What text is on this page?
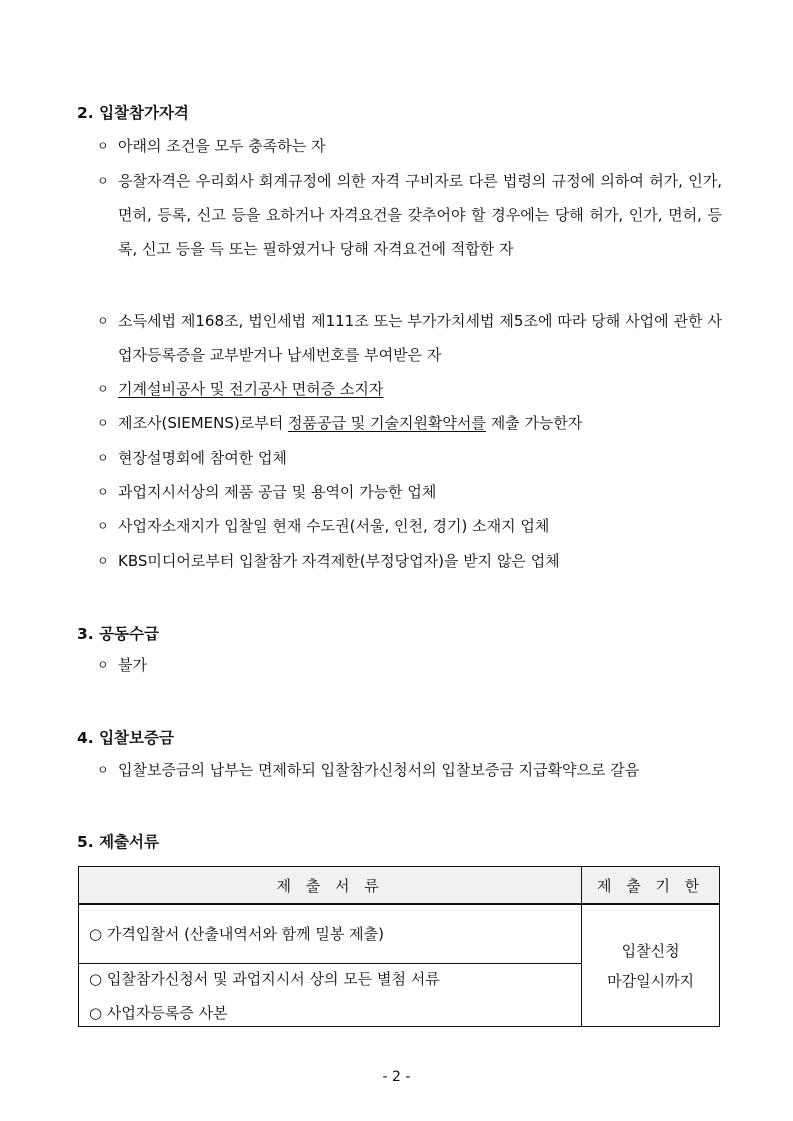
2. 입찰참가자격
ㅇ 아래의 조건을 모두 충족하는 자
ㅇ 응찰자격은 우리회사 회계규정에 의한 자격 구비자로 다른 법령의 규정에 의하여 허가, 인가, 면허, 등록, 신고 등을 요하거나 자격요건을 갖추어야 할 경우에는 당해 허가, 인가, 면허, 등록, 신고 등을 득 또는 필하였거나 당해 자격요건에 적합한 자
ㅇ 소득세법 제168조, 법인세법 제111조 또는 부가가치세법 제5조에 따라 당해 사업에 관한 사업자등록증을 교부받거나 납세번호를 부여받은 자
ㅇ 기계설비공사 및 전기공사 면허증 소지자
ㅇ 제조사(SIEMENS)로부터 정품공급 및 기술지원확약서를 제출 가능한자
ㅇ 현장설명회에 참여한 업체
ㅇ 과업지시서상의 제품 공급 및 용역이 가능한 업체
ㅇ 사업자소재지가 입찰일 현재 수도권(서울, 인천, 경기) 소재지 업체
ㅇ KBS미디어로부터 입찰참가 자격제한(부정당업자)을 받지 않은 업체
3. 공동수급
ㅇ 불가
4. 입찰보증금
ㅇ 입찰보증금의 납부는 면제하되 입찰참가신청서의 입찰보증금 지급확약으로 갈음
5. 제출서류
제 출 서 류	제 출 기 한

○ 가격입찰서 (산출내역서와 함께 밀봉 제출)	입찰신청
마감일시까지

○ 입찰참가신청서 및 과업지시서 상의 모든 별첨 서류
○ 사업자등록증 사본	
- 2 -
